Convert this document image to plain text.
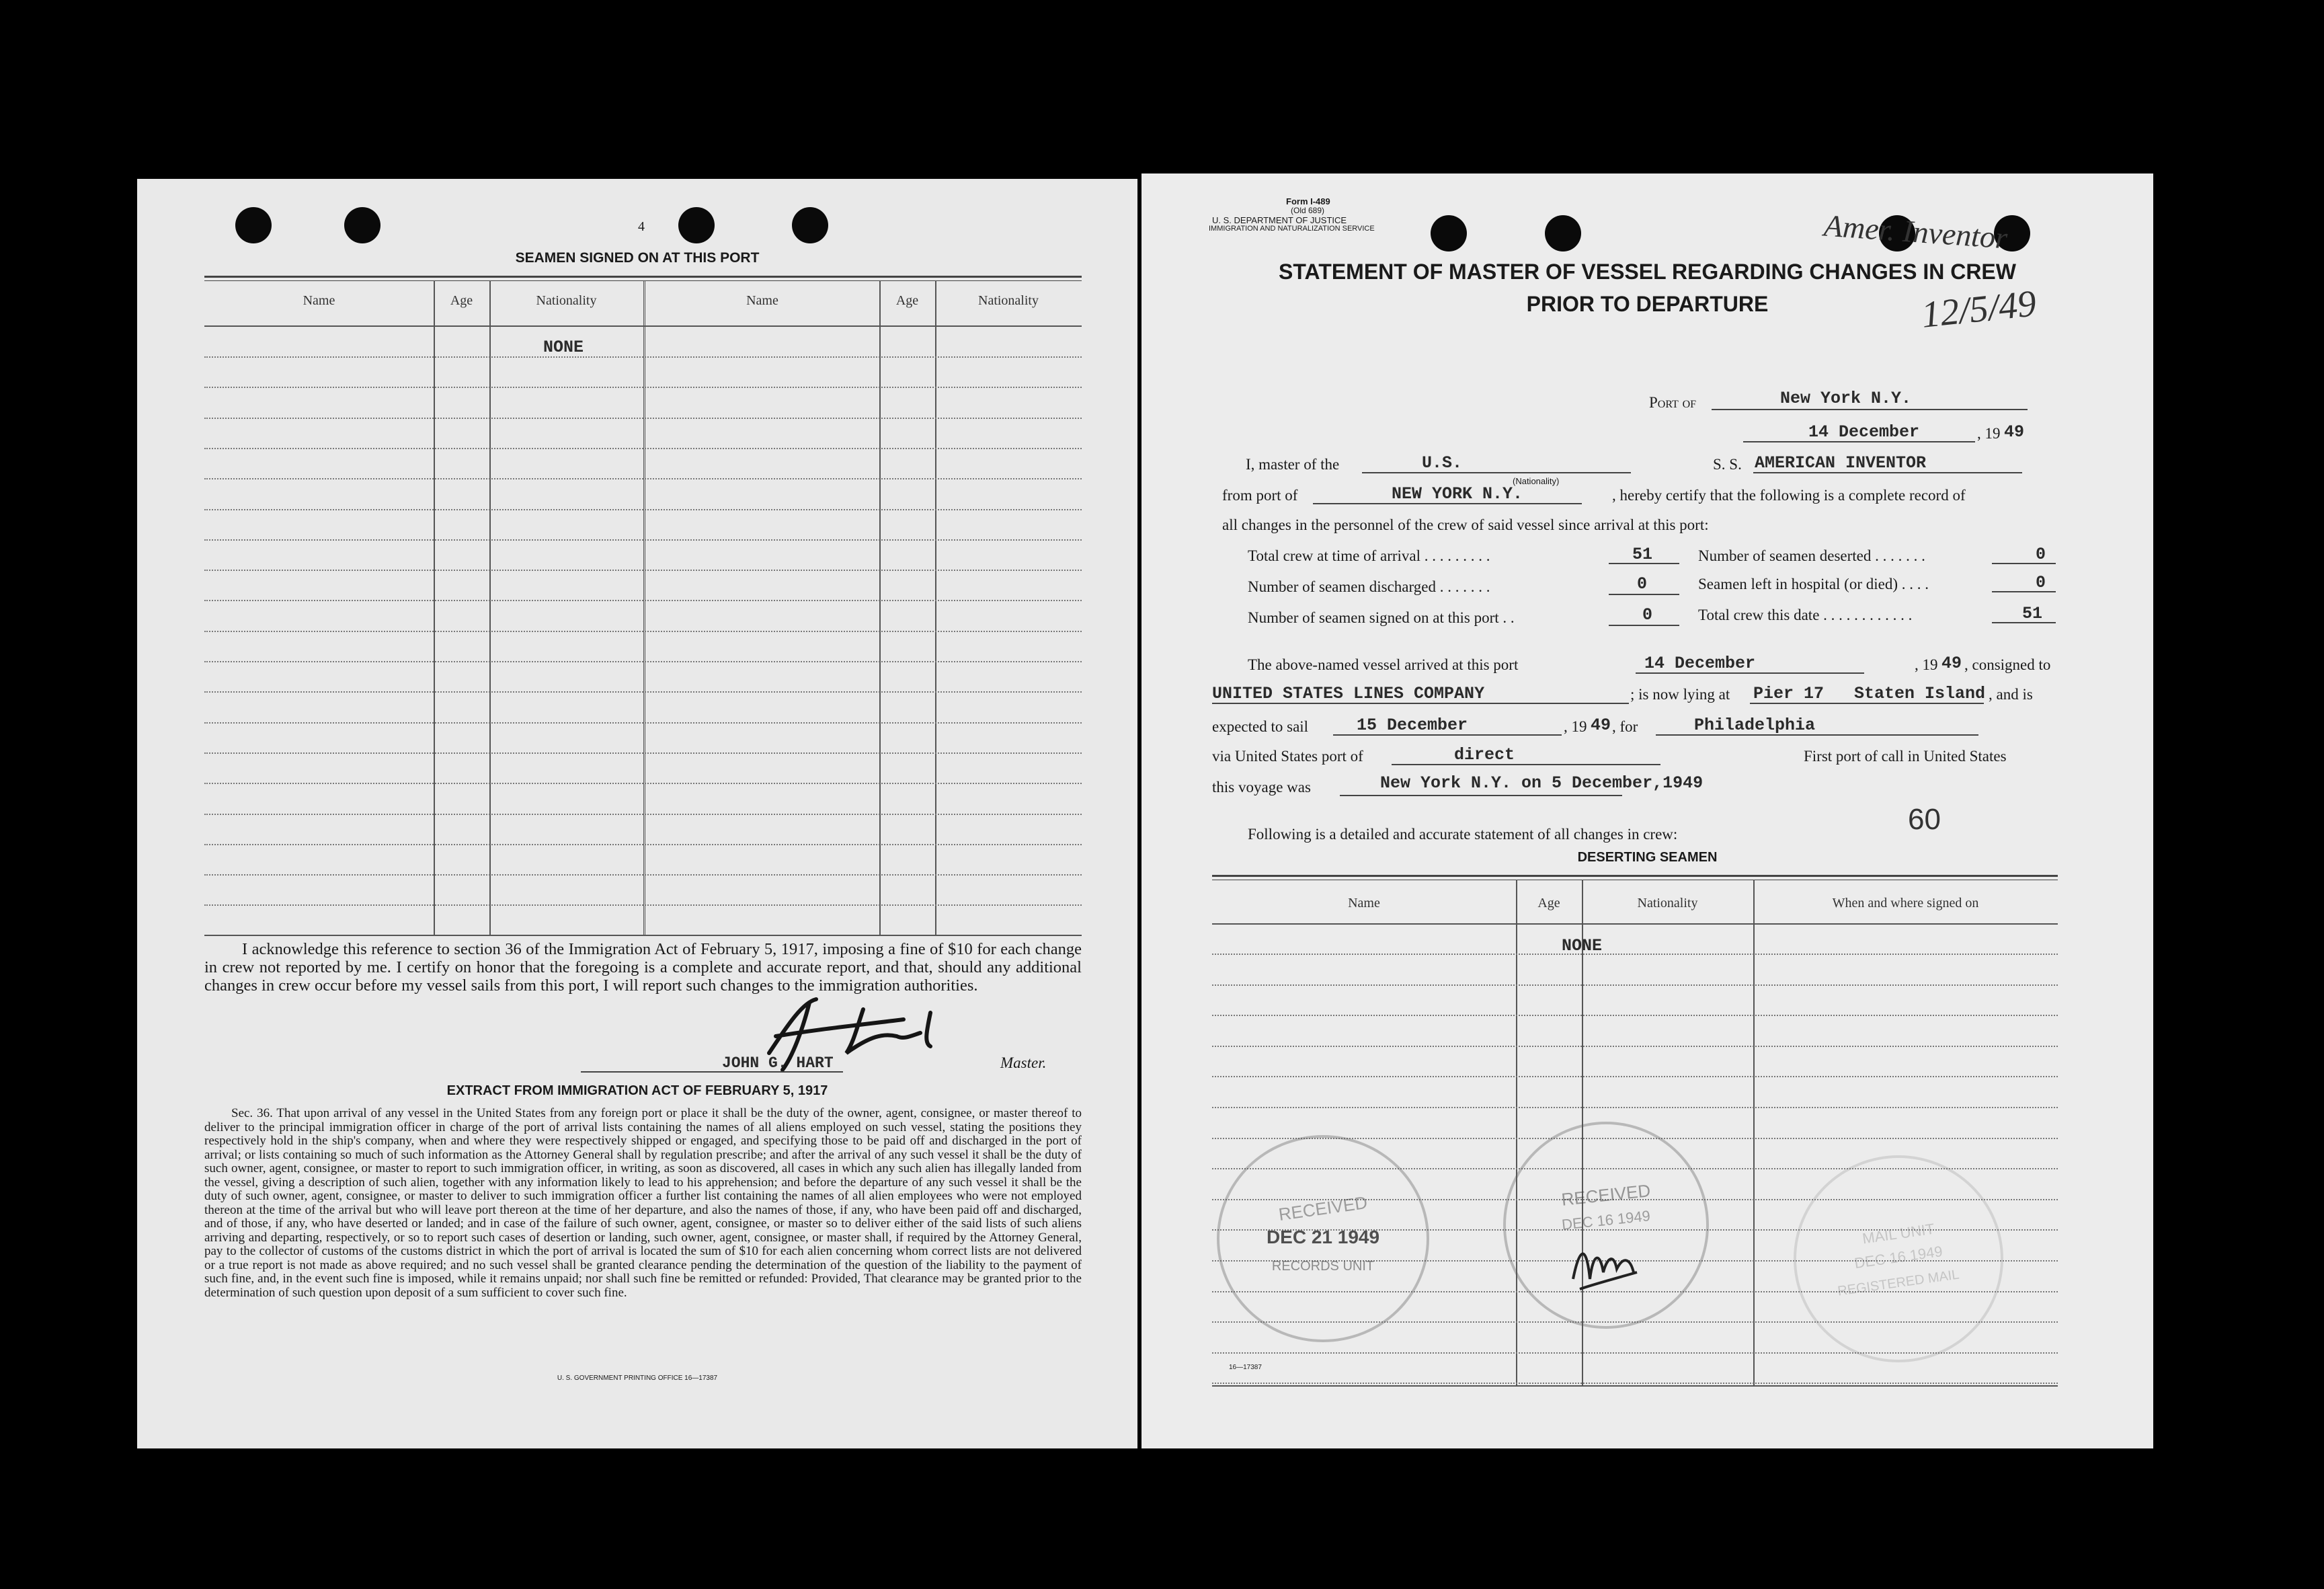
4
SEAMEN SIGNED ON AT THIS PORT
Name	Age	Nationality	Name	Age	Nationality
NONE
I acknowledge this reference to section 36 of the Immigration Act of February 5, 1917, imposing a fine of $10 for each change in crew not reported by me. I certify on honor that the foregoing is a complete and accurate report, and that, should any additional changes in crew occur before my vessel sails from this port, I will report such changes to the immigration authorities.
JOHN G. HART	Master.
EXTRACT FROM IMMIGRATION ACT OF FEBRUARY 5, 1917
Sec. 36. That upon arrival of any vessel in the United States from any foreign port or place it shall be the duty of the owner, agent, consignee, or master thereof to deliver to the principal immigration officer in charge of the port of arrival lists containing the names of all aliens employed on such vessel, stating the positions they respectively hold in the ship's company, when and where they were respectively shipped or engaged, and specifying those to be paid off and discharged in the port of arrival; or lists containing so much of such information as the Attorney General shall by regulation prescribe; and after the arrival of any such vessel it shall be the duty of such owner, agent, consignee, or master to report to such immigration officer, in writing, as soon as discovered, all cases in which any such alien has illegally landed from the vessel, giving a description of such alien, together with any information likely to lead to his apprehension; and before the departure of any such vessel it shall be the duty of such owner, agent, consignee, or master to deliver to such immigration officer a further list containing the names of all alien employees who were not employed thereon at the time of the arrival but who will leave port thereon at the time of her departure, and also the names of those, if any, who have been paid off and discharged, and of those, if any, who have deserted or landed; and in case of the failure of such owner, agent, consignee, or master so to deliver either of the said lists of such aliens arriving and departing, respectively, or so to report such cases of desertion or landing, such owner, agent, consignee, or master shall, if required by the Attorney General, pay to the collector of customs of the customs district in which the port of arrival is located the sum of $10 for each alien concerning whom correct lists are not delivered or a true report is not made as above required; and no such vessel shall be granted clearance pending the determination of the question of the liability to the payment of such fine, and, in the event such fine is imposed, while it remains unpaid; nor shall such fine be remitted or refunded: Provided, That clearance may be granted prior to the determination of such question upon deposit of a sum sufficient to cover such fine.
U. S. GOVERNMENT PRINTING OFFICE 16—17387
Form I-489
(Old 689)
U. S. DEPARTMENT OF JUSTICE
IMMIGRATION AND NATURALIZATION SERVICE
STATEMENT OF MASTER OF VESSEL REGARDING CHANGES IN CREW
PRIOR TO DEPARTURE
Amer. Inventor
12/5/49
Port of	New York N.Y.
14 December	, 19 49
I, master of the	U.S.	S. S. AMERICAN INVENTOR
from port of	NEW YORK N.Y.
(Nationality)
, hereby certify that the following is a complete record of
all changes in the personnel of the crew of said vessel since arrival at this port:
Total crew at time of arrival . . . . . . . . .	51	Number of seamen deserted . . . . . . .	0
Number of seamen discharged . . . . . . .	0	Seamen left in hospital (or died) . . . .	0
Number of seamen signed on at this port . .	0	Total crew this date . . . . . . . . . . . .	51
The above-named vessel arrived at this port	14 December	, 19 49 , consigned to
UNITED STATES LINES COMPANY	; is now lying at Pier 17   Staten Island , and is
expected to sail	15 December	, 19 49 , for	Philadelphia
via United States port of	direct	First port of call in United States
this voyage was	New York N.Y. on 5 December,1949
Following is a detailed and accurate statement of all changes in crew:	60
DESERTING SEAMEN
Name	Age	Nationality	When and where signed on
NONE
RECEIVED
DEC 21 1949
RECORDS UNIT
RECEIVED
DEC 16 1949
MAIL UNIT
DEC 16 1949
REGISTERED MAIL
16—17387
